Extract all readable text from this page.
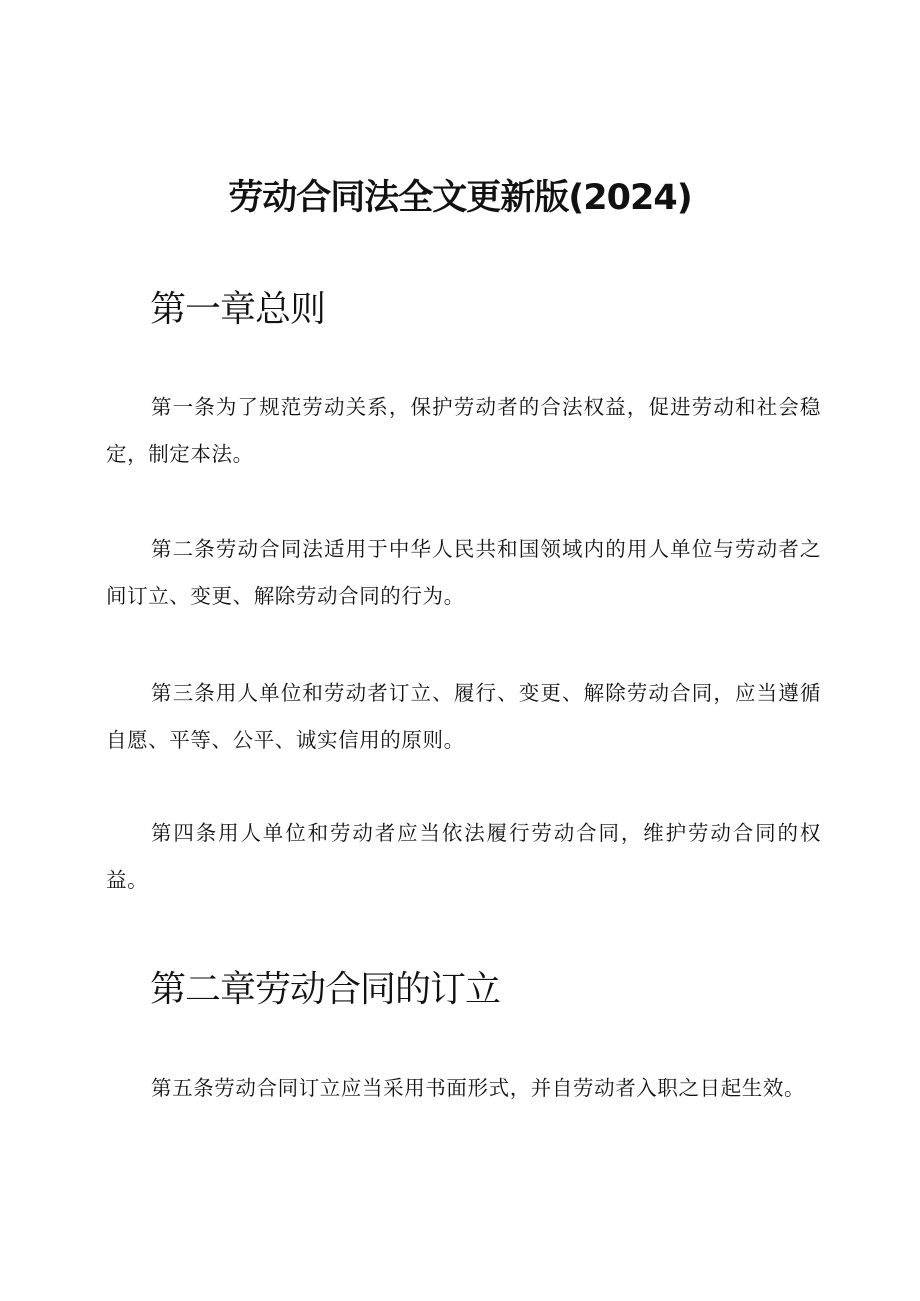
劳动合同法全文更新版(2024)
第一章总则

第一条为了规范劳动关系，保护劳动者的合法权益，促进劳动和社会稳定，制定本法。

第二条劳动合同法适用于中华人民共和国领域内的用人单位与劳动者之间订立、变更、解除劳动合同的行为。

第三条用人单位和劳动者订立、履行、变更、解除劳动合同，应当遵循自愿、平等、公平、诚实信用的原则。

第四条用人单位和劳动者应当依法履行劳动合同，维护劳动合同的权益。

第二章劳动合同的订立

第五条劳动合同订立应当采用书面形式，并自劳动者入职之日起生效。
